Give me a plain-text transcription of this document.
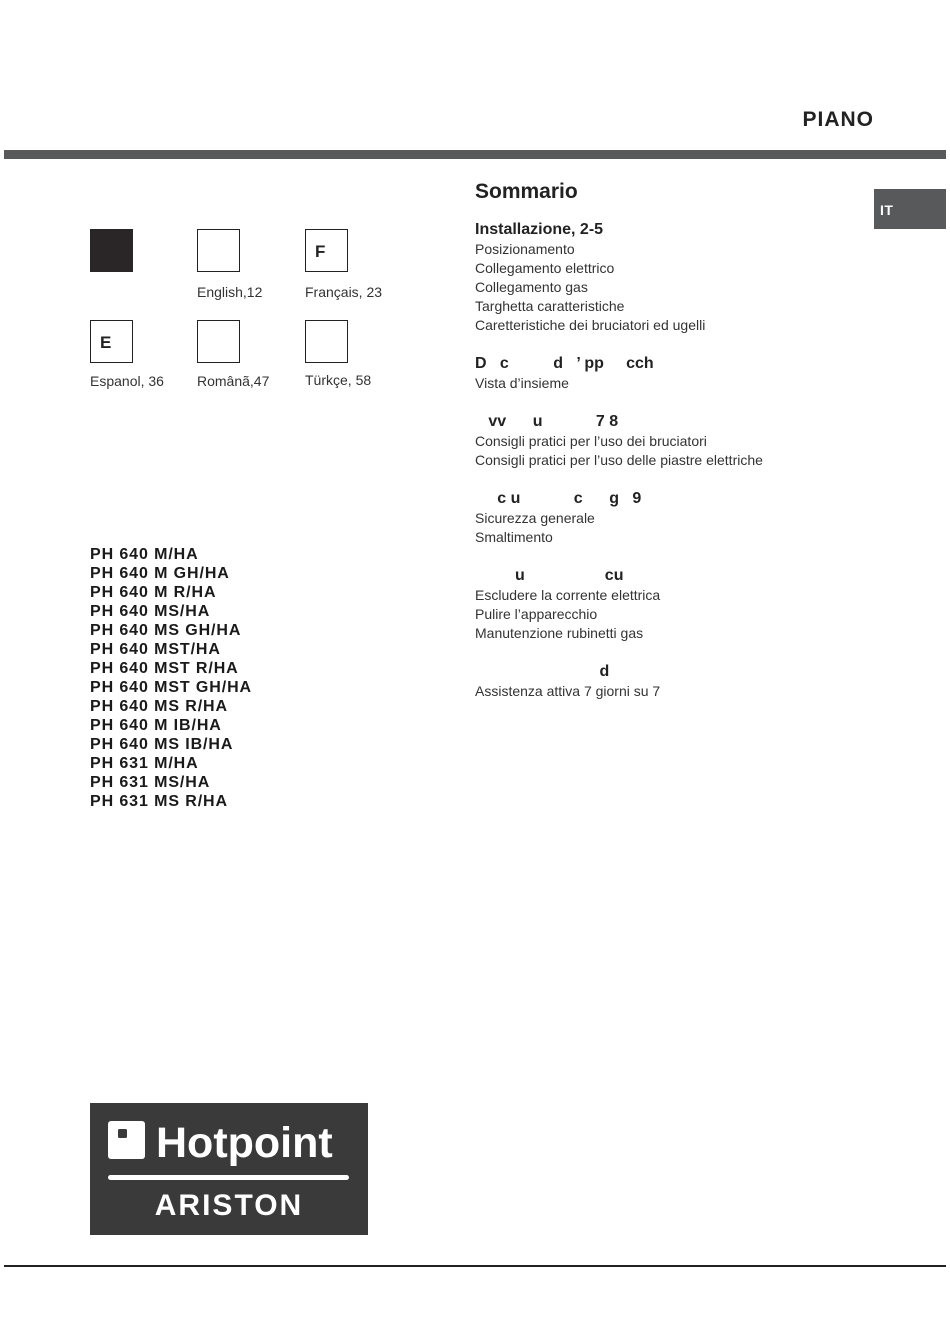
PIANO
IT
English,12
F
Français, 23
E
Espanol, 36 Românã,47	Türkçe, 58
PH 640 M/HA
PH 640 M GH/HA
PH 640 M R/HA
PH 640 MS/HA
PH 640 MS GH/HA
PH 640 MST/HA
PH 640 MST R/HA
PH 640 MST GH/HA
PH 640 MS R/HA
PH 640 M IB/HA
PH 640 MS IB/HA
PH 631 M/HA
PH 631 MS/HA
PH 631 MS R/HA
Sommario
Installazione, 2-5
Posizionamento
Collegamento elettrico
Collegamento gas
Targhetta caratteristiche
Caretteristiche dei bruciatori ed ugelli
D   c          d   ’ pp     cch
Vista d’insieme
vv      u            7 8
Consigli pratici per l’uso dei bruciatori
Consigli pratici per l’uso delle piastre elettriche
c u            c      g   9
Sicurezza generale
Smaltimento
u                  cu
Escludere la corrente elettrica
Pulire l’apparecchio
Manutenzione rubinetti gas
d
Assistenza attiva 7 giorni su 7
Hotpoint
ARISTON
